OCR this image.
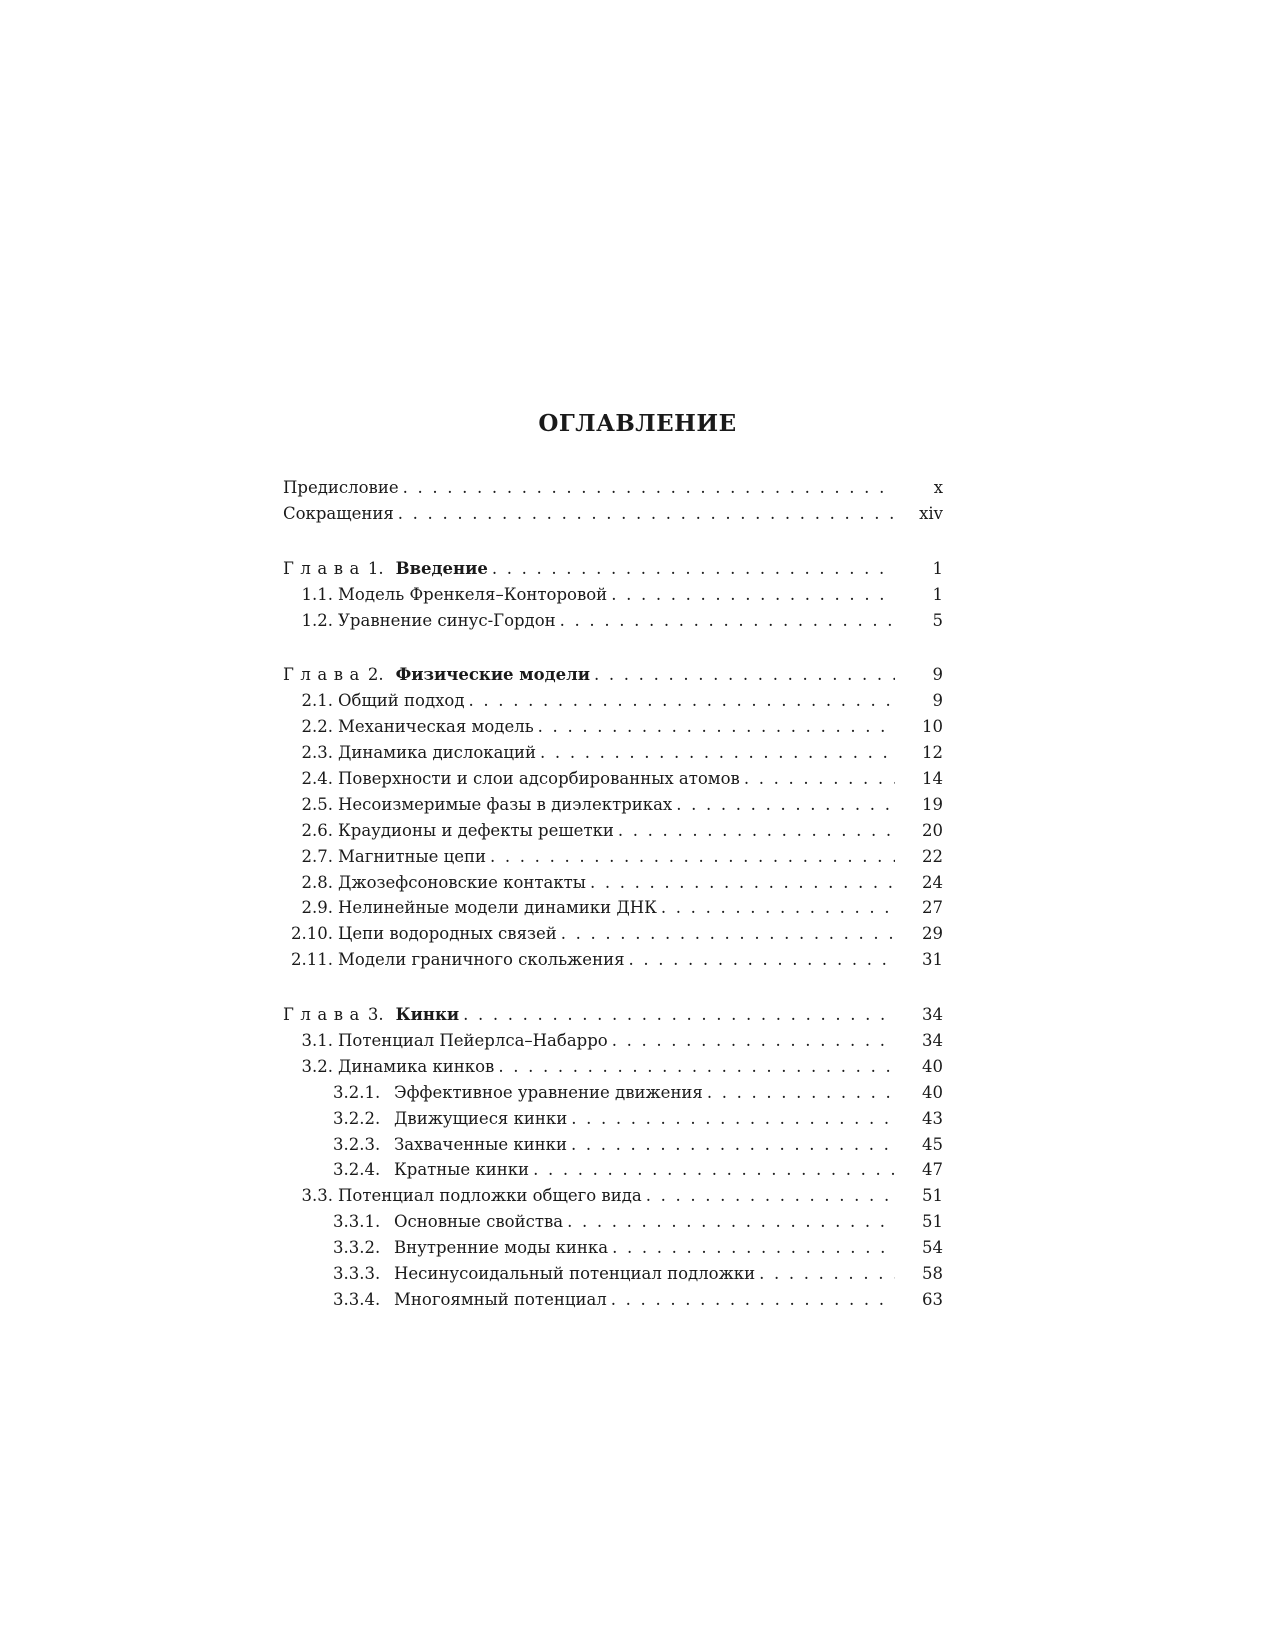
ОГЛАВЛЕНИЕ
Предисловие . . .	x
Сокращения . . .	xiv
Глава 1. Введение . . .	1
1.1. Модель Френкеля–Конторовой . . .	1
1.2. Уравнение синус-Гордон . . .	5
Глава 2. Физические модели . . .	9
2.1. Общий подход . . .	9
2.2. Механическая модель . . .	10
2.3. Динамика дислокаций . . .	12
2.4. Поверхности и слои адсорбированных атомов . . .	14
2.5. Несоизмеримые фазы в диэлектриках . . .	19
2.6. Краудионы и дефекты решетки . . .	20
2.7. Магнитные цепи . . .	22
2.8. Джозефсоновские контакты . . .	24
2.9. Нелинейные модели динамики ДНК . . .	27
2.10. Цепи водородных связей . . .	29
2.11. Модели граничного скольжения . . .	31
Глава 3. Кинки . . .	34
3.1. Потенциал Пейерлса–Набарро . . .	34
3.2. Динамика кинков . . .	40
3.2.1. Эффективное уравнение движения . . .	40
3.2.2. Движущиеся кинки . . .	43
3.2.3. Захваченные кинки . . .	45
3.2.4. Кратные кинки . . .	47
3.3. Потенциал подложки общего вида . . .	51
3.3.1. Основные свойства . . .	51
3.3.2. Внутренние моды кинка . . .	54
3.3.3. Несинусоидальный потенциал подложки . . .	58
3.3.4. Многоямный потенциал . . .	63
